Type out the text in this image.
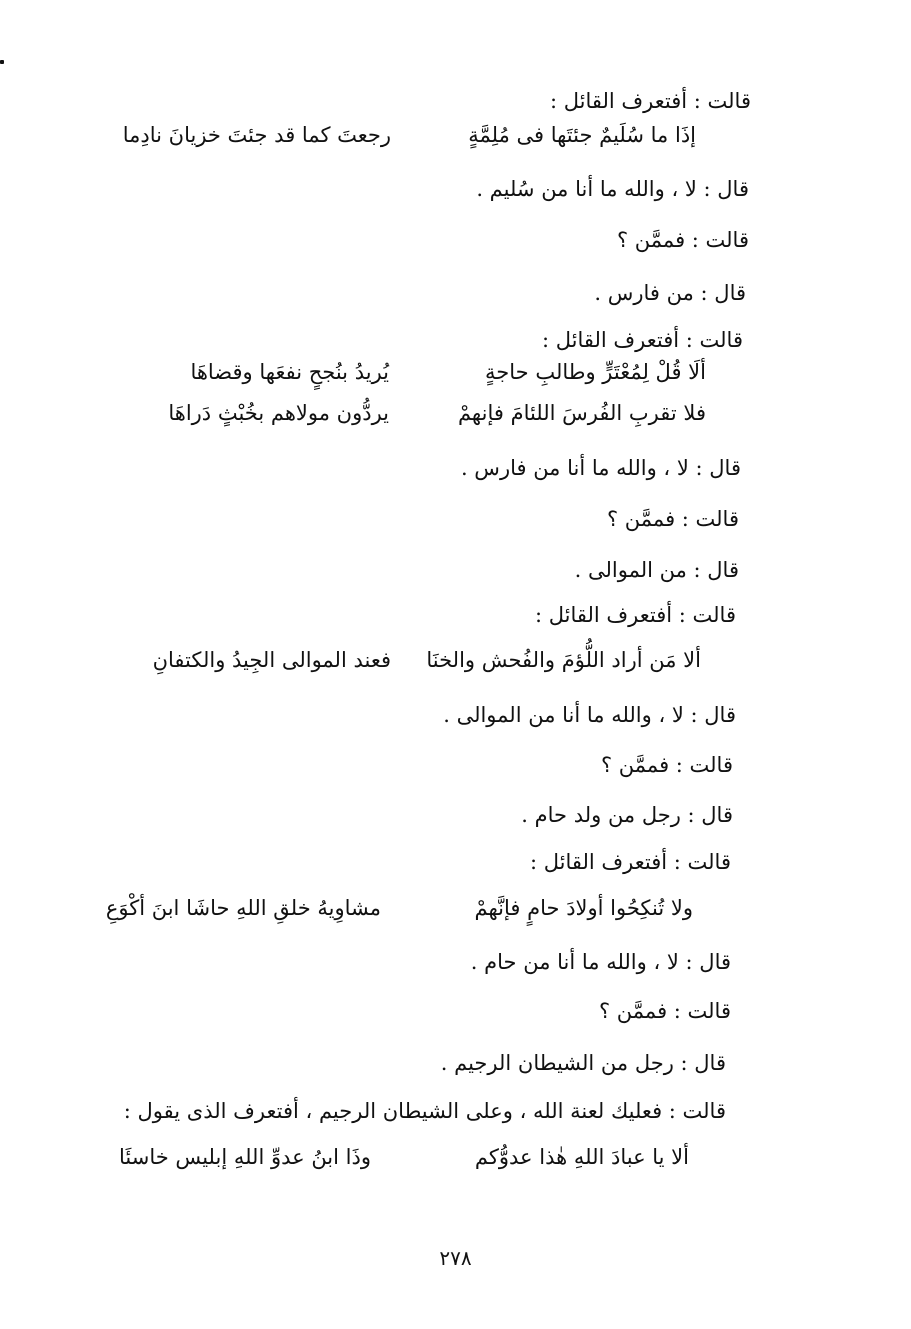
قالت : أفتعرف القائل :
إذَا ما سُلَيمٌ جئتَها فى مُلِمَّةٍ
رجعتَ كما قد جئتَ خزيانَ نادِما
قال : لا ، والله ما أنا من سُليم .
قالت : فممَّن ؟
قال : من فارس .
قالت : أفتعرف القائل :
ألَا قُلْ لِمُعْتَرٍّ وطالبِ حاجةٍ
يُريدُ بنُجحٍ نفعَها وقضاهَا
فلا تقربِ الفُرسَ اللئامَ فإنهمْ
يردُّون مولاهم بخُبْثٍ دَراهَا
قال : لا ، والله ما أنا من فارس .
قالت : فممَّن ؟
قال : من الموالى .
قالت : أفتعرف القائل :
ألا مَن أراد اللُّؤمَ والفُحش والخنَا
فعند الموالى الجِيدُ والكتفانِ
قال : لا ، والله ما أنا من الموالى .
قالت : فممَّن ؟
قال : رجل من ولد حام .
قالت : أفتعرف القائل :
ولا تُنكِحُوا أولادَ حامٍ فإنَّهمْ
مشاوِيهُ خلقِ اللهِ حاشَا ابنَ أكْوَعِ
قال : لا ، والله ما أنا من حام .
قالت : فممَّن ؟
قال : رجل من الشيطان الرجيم .
قالت : فعليك لعنة الله ، وعلى الشيطان الرجيم ، أفتعرف الذى يقول :
ألا يا عبادَ اللهِ هٰذا عدوُّكم
وذَا ابنُ عدوِّ اللهِ إبليس خاسئَا
٢٧٨
